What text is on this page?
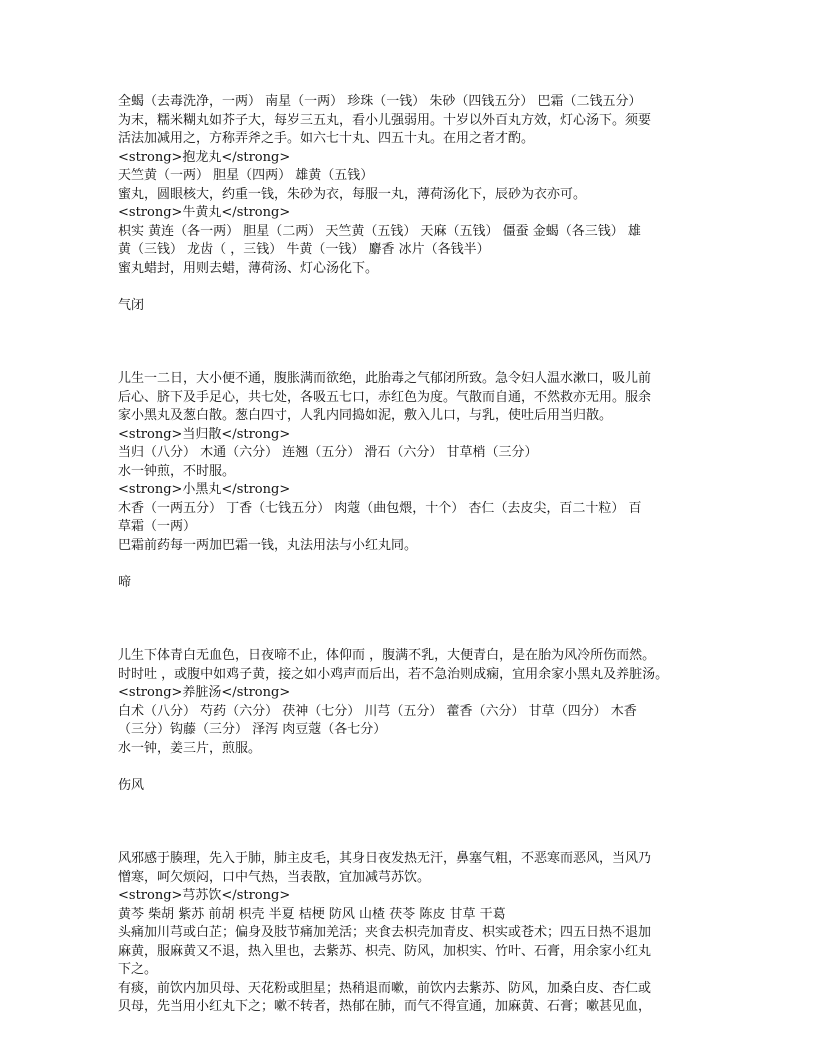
全蝎（去毒洗净，一两） 南星（一两） 珍珠（一钱） 朱砂（四钱五分） 巴霜（二钱五分）
为末，糯米糊丸如芥子大，每岁三五丸，看小儿强弱用。十岁以外百丸方效，灯心汤下。须要
活法加减用之，方称弄斧之手。如六七十丸、四五十丸。在用之者才酌。
<strong>抱龙丸</strong>
天竺黄（一两） 胆星（四两） 雄黄（五钱）
蜜丸，圆眼核大，约重一钱，朱砂为衣，每服一丸，薄荷汤化下，辰砂为衣亦可。
<strong>牛黄丸</strong>
枳实 黄连（各一两） 胆星（二两） 天竺黄（五钱） 天麻（五钱） 僵蚕 金蝎（各三钱） 雄
黄（三钱） 龙齿（ ，三钱） 牛黄（一钱） 麝香 冰片（各钱半）
蜜丸蜡封，用则去蜡，薄荷汤、灯心汤化下。
气闭
儿生一二日，大小便不通，腹胀满而欲绝，此胎毒之气郁闭所致。急令妇人温水漱口，吸儿前
后心、脐下及手足心，共七处，各吸五七口，赤红色为度。气散而自通，不然救亦无用。服余
家小黑丸及葱白散。葱白四寸，人乳内同捣如泥，敷入儿口，与乳，使吐后用当归散。
<strong>当归散</strong>
当归（八分） 木通（六分） 连翘（五分） 滑石（六分） 甘草梢（三分）
水一钟煎，不时服。
<strong>小黑丸</strong>
木香（一两五分） 丁香（七钱五分） 肉蔻（曲包煨，十个） 杏仁（去皮尖，百二十粒） 百
草霜（一两）
巴霜前药每一两加巴霜一钱，丸法用法与小红丸同。
啼
儿生下体青白无血色，日夜啼不止，体仰而 ，腹满不乳，大便青白，是在胎为风冷所伤而然。
时时吐 ，或腹中如鸡子黄，接之如小鸡声而后出，若不急治则成痫，宜用余家小黑丸及养脏汤。
<strong>养脏汤</strong>
白术（八分） 芍药（六分） 茯神（七分） 川芎（五分） 藿香（六分） 甘草（四分） 木香
（三分）钩藤（三分） 泽泻 肉豆蔻（各七分）
水一钟，姜三片，煎服。
伤风
风邪感于腠理，先入于肺，肺主皮毛，其身日夜发热无汗，鼻塞气粗，不恶寒而恶风，当风乃
憎寒，呵欠烦闷，口中气热，当表散，宜加减芎苏饮。
<strong>芎苏饮</strong>
黄芩 柴胡 紫苏 前胡 枳壳 半夏 桔梗 防风 山楂 茯苓 陈皮 甘草 干葛
头痛加川芎或白芷；偏身及肢节痛加羌活；夹食去枳壳加青皮、枳实或苍术；四五日热不退加
麻黄，服麻黄又不退，热入里也，去紫苏、枳壳、防风，加枳实、竹叶、石膏，用余家小红丸
下之。
有痰，前饮内加贝母、天花粉或胆星；热稍退而嗽，前饮内去紫苏、防风，加桑白皮、杏仁或
贝母，先当用小红丸下之；嗽不转者，热郁在肺，而气不得宣通，加麻黄、石膏；嗽甚见血，
